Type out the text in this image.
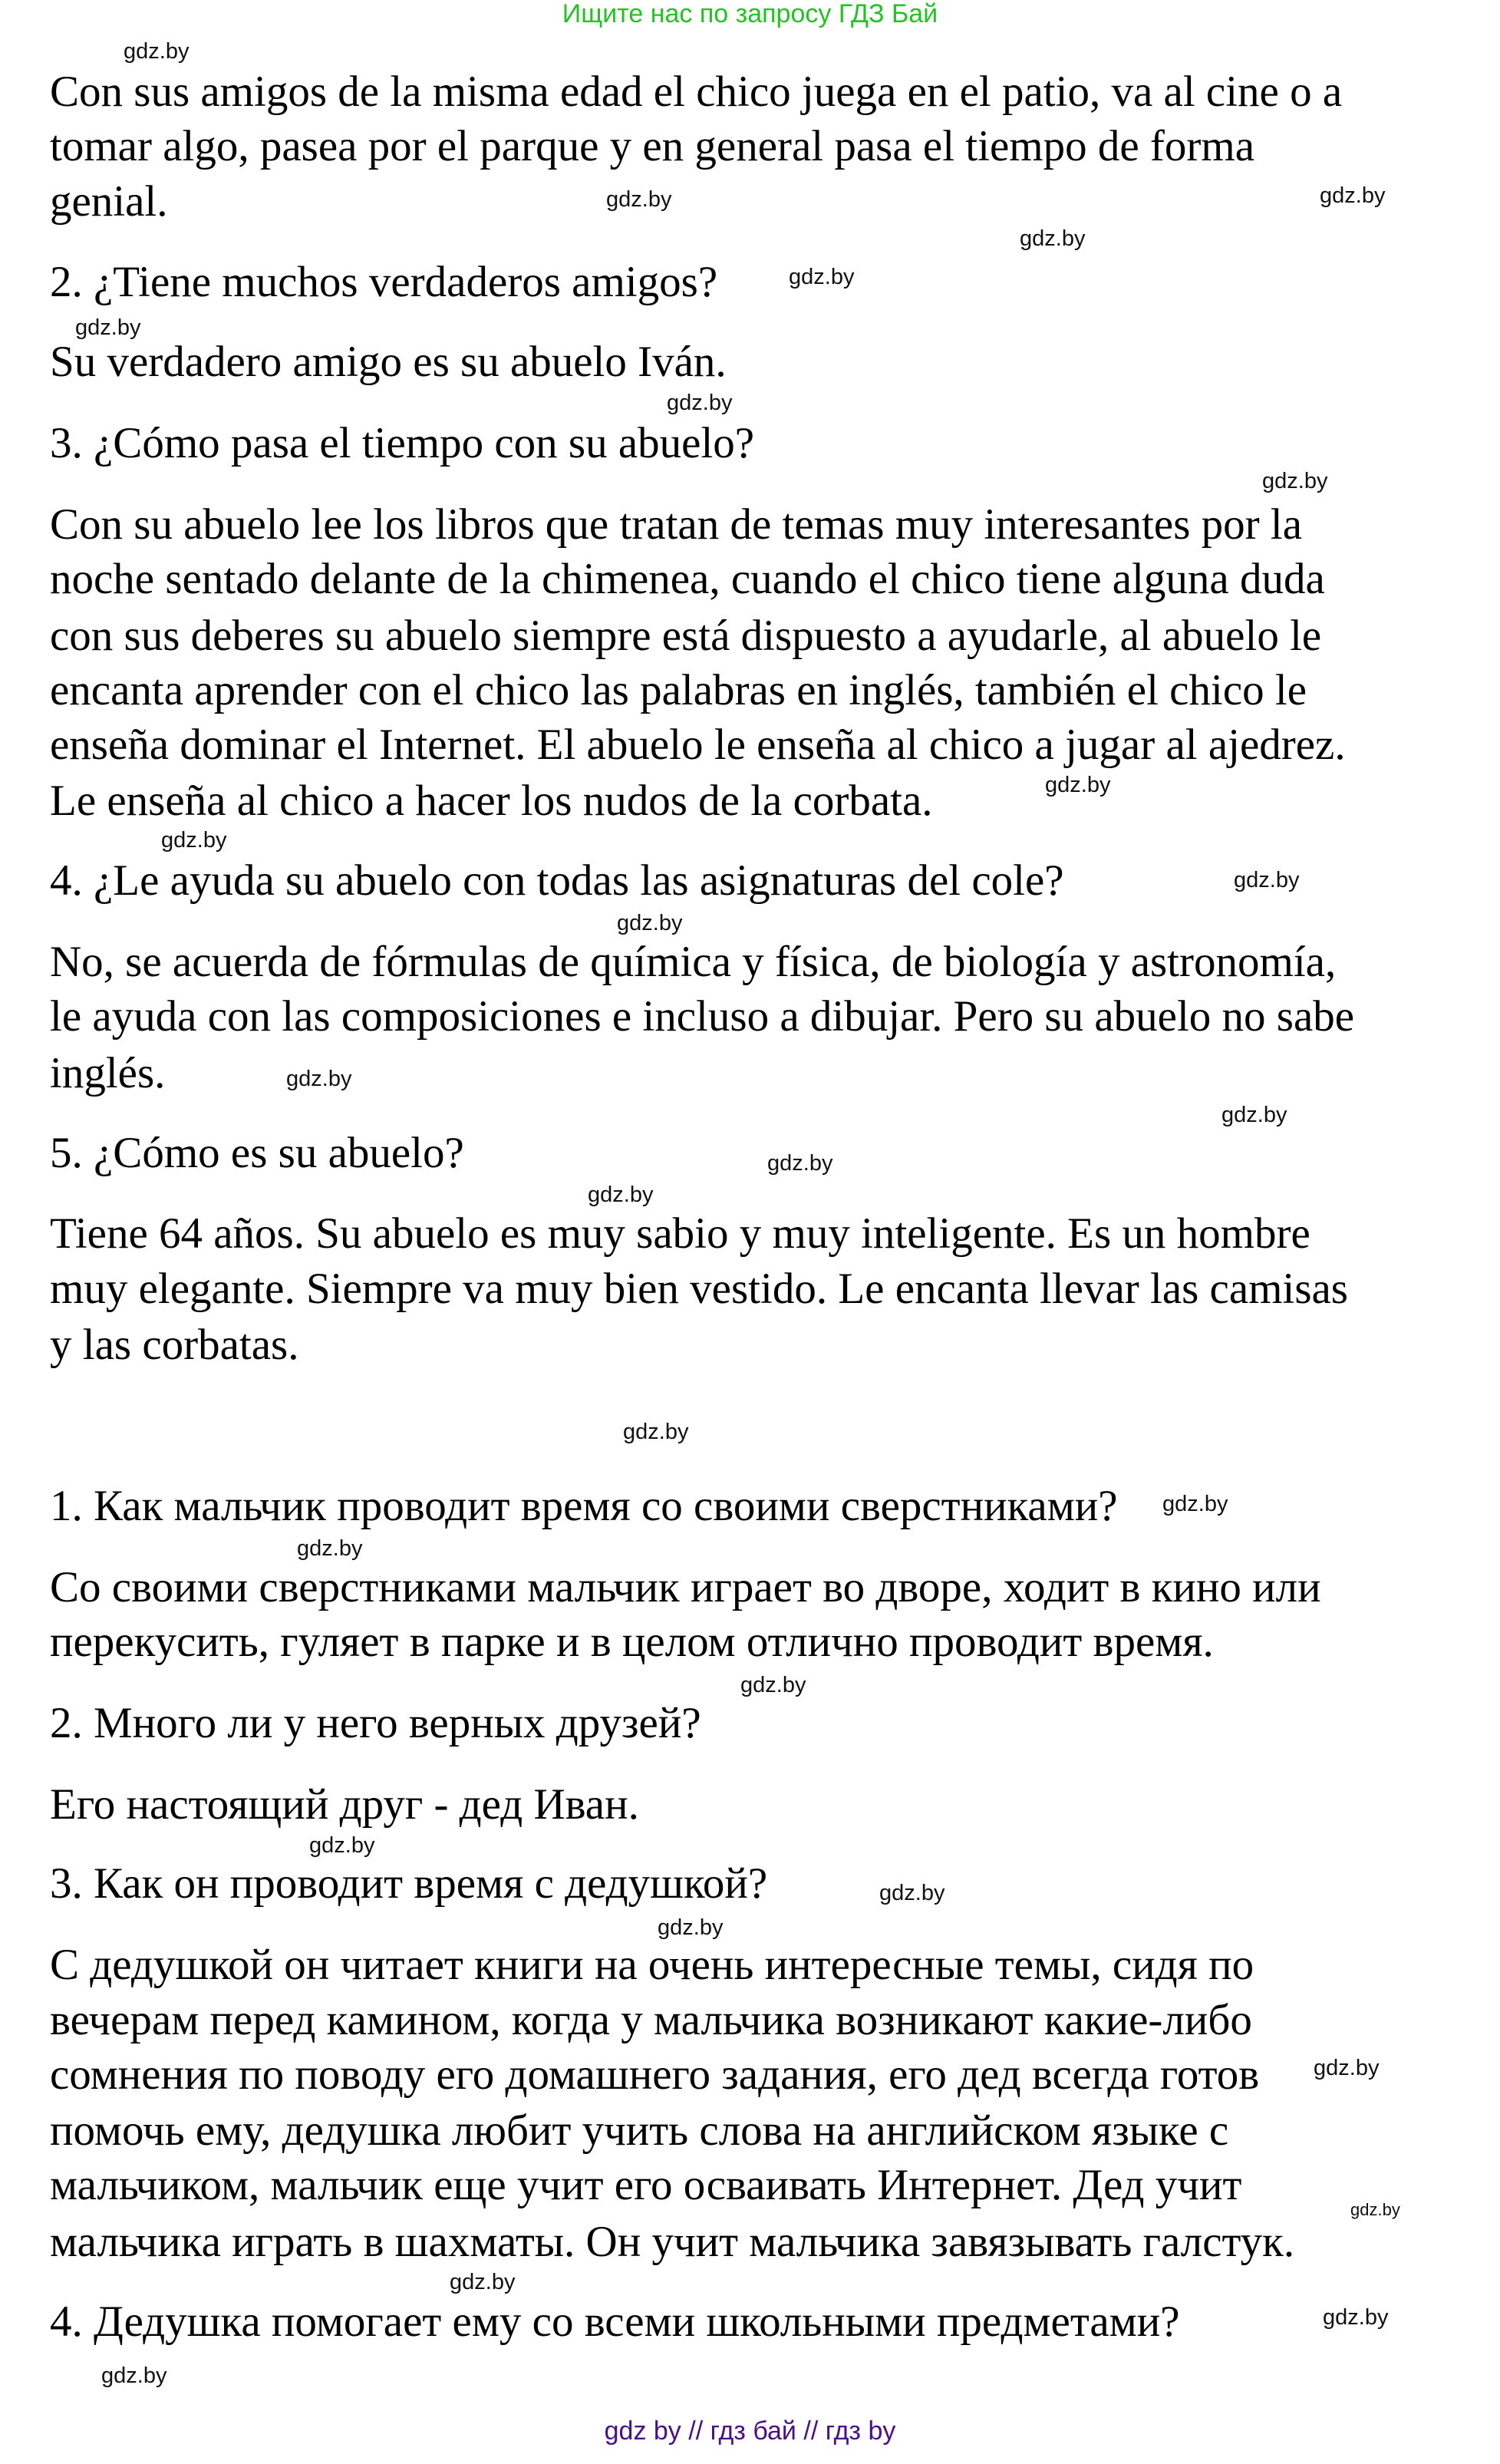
Ищите нас по запросу ГДЗ Бай
Con sus amigos de la misma edad el chico juega en el patio, va al cine o a
tomar algo, pasea por el parque y en general pasa el tiempo de forma
genial.
2. ¿Tiene muchos verdaderos amigos?
Su verdadero amigo es su abuelo Iván.
3. ¿Cómo pasa el tiempo con su abuelo?
Con su abuelo lee los libros que tratan de temas muy interesantes por la
noche sentado delante de la chimenea, cuando el chico tiene alguna duda
con sus deberes su abuelo siempre está dispuesto a ayudarle, al abuelo le
encanta aprender con el chico las palabras en inglés, también el chico le
enseña dominar el Internet. El abuelo le enseña al chico a jugar al ajedrez.
Le enseña al chico a hacer los nudos de la corbata.
4. ¿Le ayuda su abuelo con todas las asignaturas del cole?
No, se acuerda de fórmulas de química y física, de biología y astronomía,
le ayuda con las composiciones e incluso a dibujar. Pero su abuelo no sabe
inglés.
5. ¿Cómo es su abuelo?
Tiene 64 años. Su abuelo es muy sabio y muy inteligente. Es un hombre
muy elegante. Siempre va muy bien vestido. Le encanta llevar las camisas
y las corbatas.
1. Как мальчик проводит время со своими сверстниками?
Со своими сверстниками мальчик играет во дворе, ходит в кино или
перекусить, гуляет в парке и в целом отлично проводит время.
2. Много ли у него верных друзей?
Его настоящий друг - дед Иван.
3. Как он проводит время с дедушкой?
С дедушкой он читает книги на очень интересные темы, сидя по
вечерам перед камином, когда у мальчика возникают какие-либо
сомнения по поводу его домашнего задания, его дед всегда готов
помочь ему, дедушка любит учить слова на английском языке с
мальчиком, мальчик еще учит его осваивать Интернет. Дед учит
мальчика играть в шахматы. Он учит мальчика завязывать галстук.
4. Дедушка помогает ему со всеми школьными предметами?
gdz.by
gdz.by
gdz.by
gdz.by
gdz.by
gdz.by
gdz.by
gdz.by
gdz.by
gdz.by
gdz.by
gdz.by
gdz.by
gdz.by
gdz.by
gdz.by
gdz.by
gdz.by
gdz.by
gdz.by
gdz.by
gdz.by
gdz.by
gdz.by
gdz.by
gdz.by
gdz.by
gdz.by
gdz by // гдз бай // гдз by
